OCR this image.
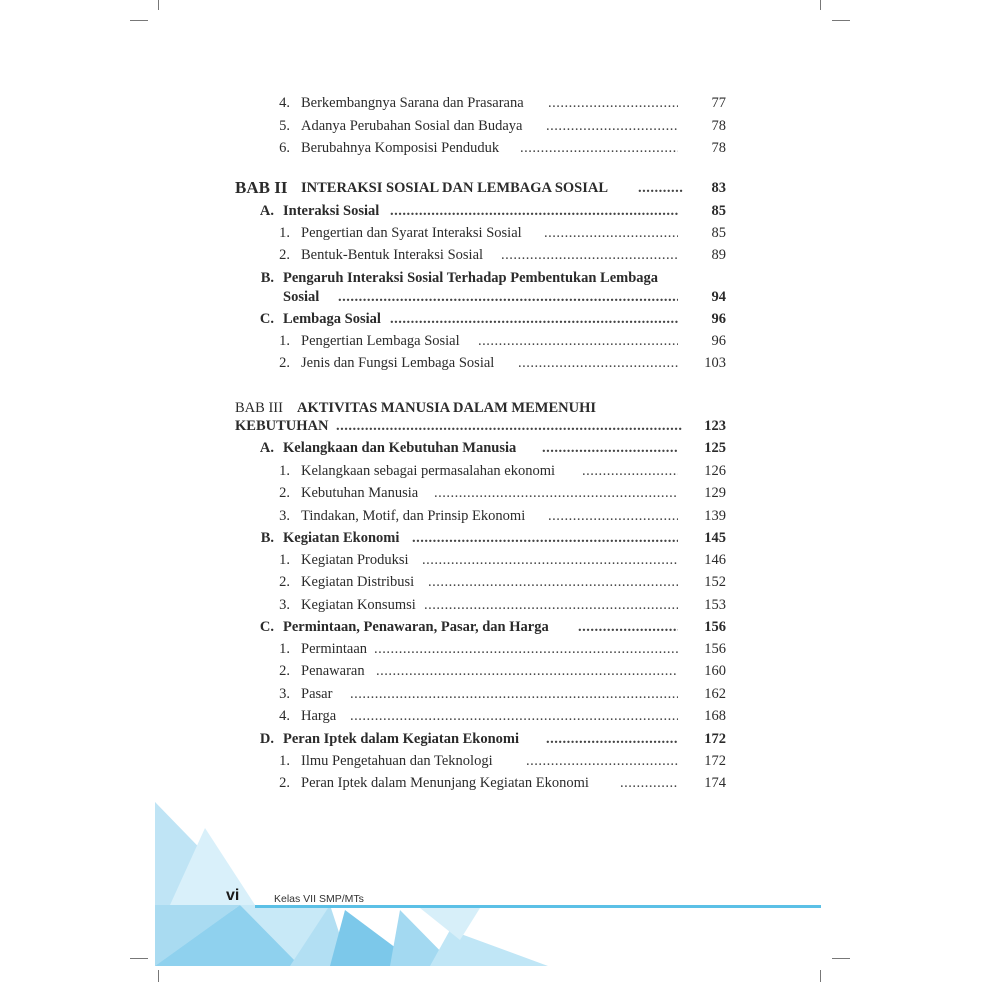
4. Berkembangnya Sarana dan Prasarana .....	77
5. Adanya Perubahan Sosial dan Budaya .....	78
6. Berubahnya Komposisi Penduduk .....	78
BAB II INTERAKSI SOSIAL DAN LEMBAGA SOSIAL .....	83
A. Interaksi Sosial .....	85
1. Pengertian dan Syarat Interaksi Sosial .....	85
2. Bentuk-Bentuk Interaksi Sosial .....	89
B. Pengaruh Interaksi Sosial Terhadap Pembentukan Lembaga
Sosial .....	94
C. Lembaga Sosial .....	96
1. Pengertian Lembaga Sosial .....	96
2. Jenis dan Fungsi Lembaga Sosial .....	103
BAB III AKTIVITAS MANUSIA DALAM MEMENUHI
KEBUTUHAN .....	123
A. Kelangkaan dan Kebutuhan Manusia .....	125
1. Kelangkaan sebagai permasalahan ekonomi .....	126
2. Kebutuhan Manusia .....	129
3. Tindakan, Motif, dan Prinsip Ekonomi .....	139
B. Kegiatan Ekonomi .....	145
1. Kegiatan Produksi .....	146
2. Kegiatan Distribusi .....	152
3. Kegiatan Konsumsi .....	153
C. Permintaan, Penawaran, Pasar, dan Harga .....	156
1. Permintaan .....	156
2. Penawaran .....	160
3. Pasar .....	162
4. Harga .....	168
D. Peran Iptek dalam Kegiatan Ekonomi .....	172
1. Ilmu Pengetahuan dan Teknologi .....	172
2. Peran Iptek dalam Menunjang Kegiatan Ekonomi .....	174
vi	Kelas VII SMP/MTs
